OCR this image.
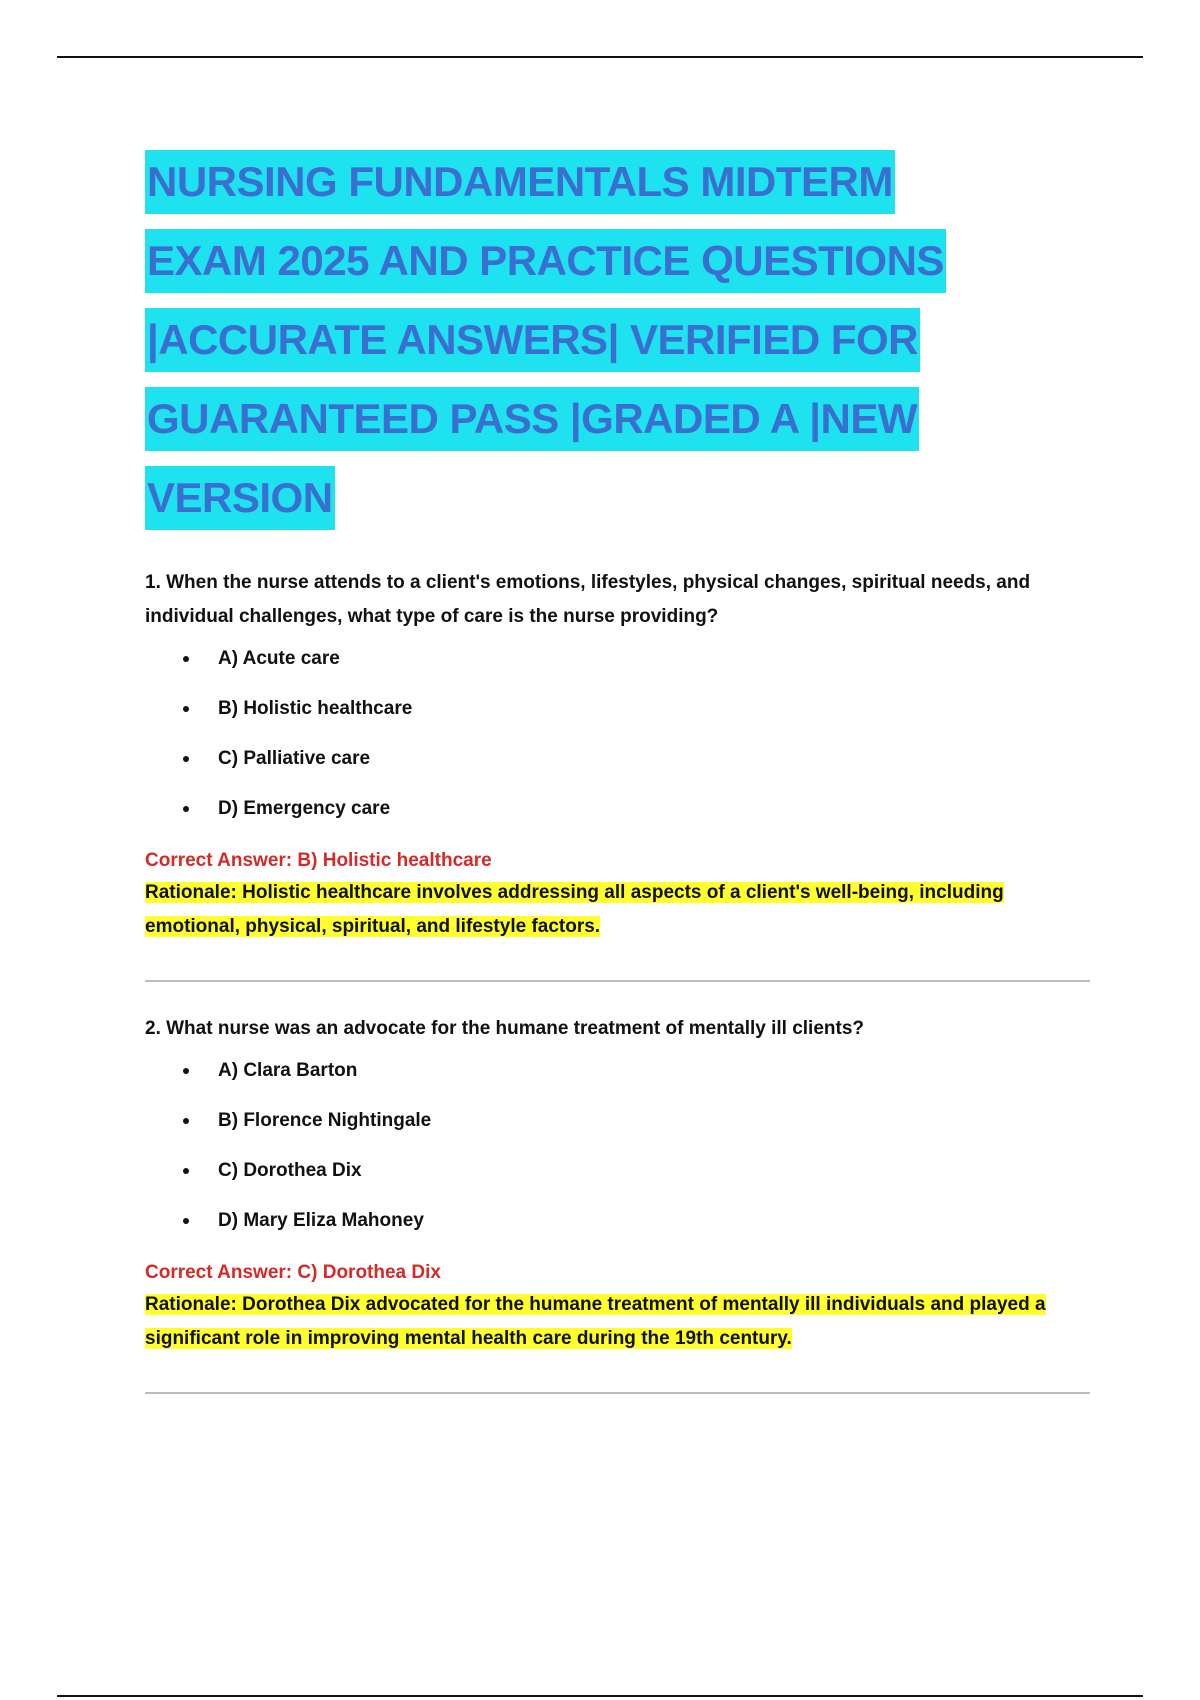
NURSING FUNDAMENTALS MIDTERM
EXAM 2025 AND PRACTICE QUESTIONS
|ACCURATE ANSWERS| VERIFIED FOR
GUARANTEED PASS |GRADED A |NEW
VERSION

1. When the nurse attends to a client's emotions, lifestyles, physical changes, spiritual needs, and individual challenges, what type of care is the nurse providing?

A) Acute care
B) Holistic healthcare
C) Palliative care
D) Emergency care

Correct Answer: B) Holistic healthcare

Rationale: Holistic healthcare involves addressing all aspects of a client's well-being, including emotional, physical, spiritual, and lifestyle factors.

2. What nurse was an advocate for the humane treatment of mentally ill clients?

A) Clara Barton
B) Florence Nightingale
C) Dorothea Dix
D) Mary Eliza Mahoney

Correct Answer: C) Dorothea Dix

Rationale: Dorothea Dix advocated for the humane treatment of mentally ill individuals and played a significant role in improving mental health care during the 19th century.
